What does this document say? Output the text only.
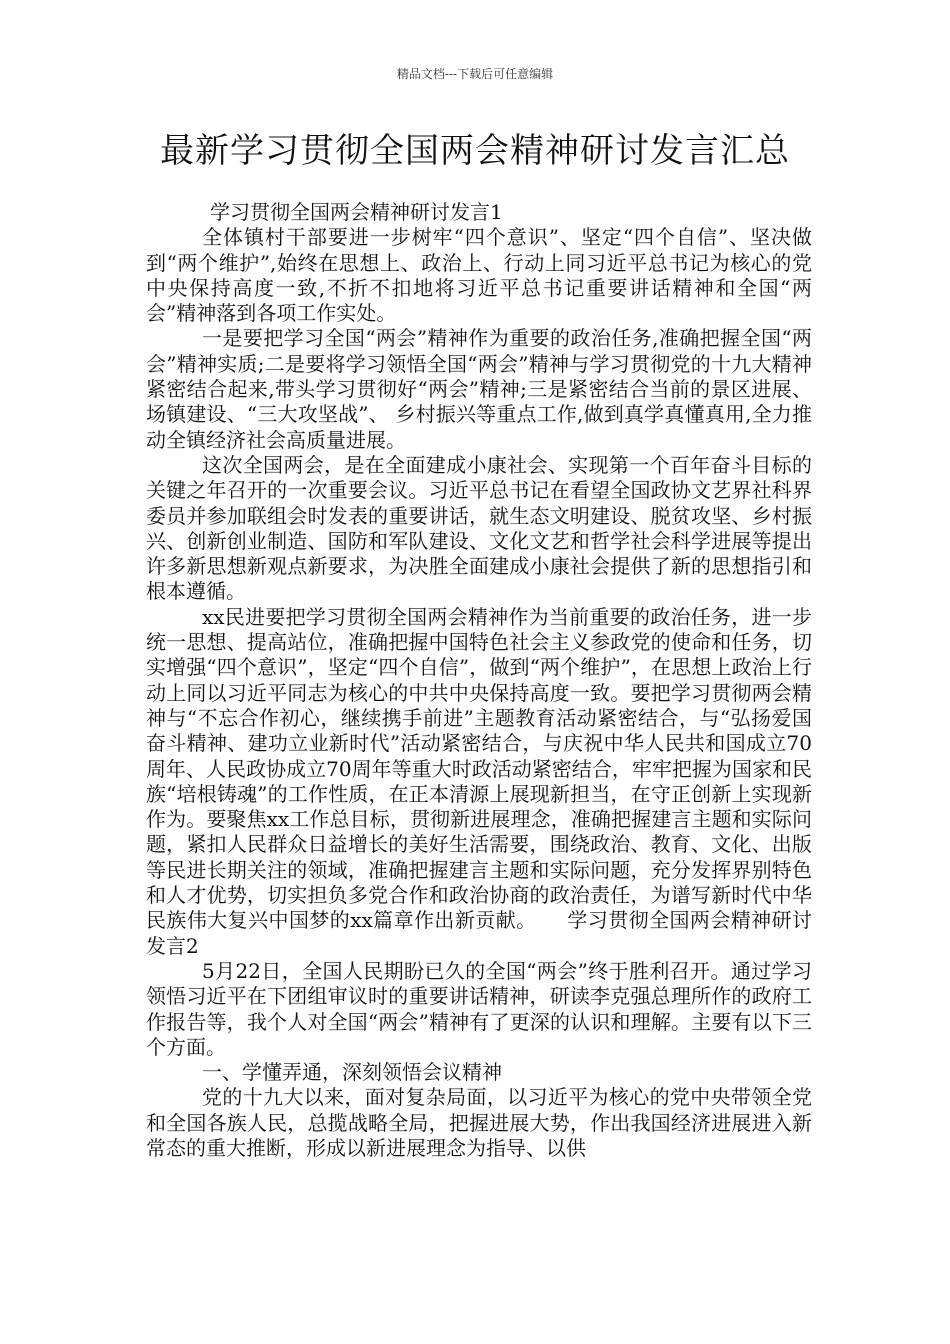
精品文档---下载后可任意编辑
最新学习贯彻全国两会精神研讨发言汇总

学习贯彻全国两会精神研讨发言1

全体镇村干部要进一步树牢“四个意识”、坚定“四个自信”、坚决做到“两个维护”,始终在思想上、政治上、行动上同习近平总书记为核心的党中央保持高度一致,不折不扣地将习近平总书记重要讲话精神和全国“两会”精神落到各项工作实处。

一是要把学习全国“两会”精神作为重要的政治任务,准确把握全国“两会”精神实质;二是要将学习领悟全国“两会”精神与学习贯彻党的十九大精神紧密结合起来,带头学习贯彻好“两会”精神;三是紧密结合当前的景区进展、场镇建设、“三大攻坚战”、 乡村振兴等重点工作,做到真学真懂真用,全力推动全镇经济社会高质量进展。

这次全国两会，是在全面建成小康社会、实现第一个百年奋斗目标的关键之年召开的一次重要会议。习近平总书记在看望全国政协文艺界社科界委员并参加联组会时发表的重要讲话，就生态文明建设、脱贫攻坚、乡村振兴、创新创业制造、国防和军队建设、文化文艺和哲学社会科学进展等提出许多新思想新观点新要求，为决胜全面建成小康社会提供了新的思想指引和根本遵循。

xx民进要把学习贯彻全国两会精神作为当前重要的政治任务，进一步统一思想、提高站位，准确把握中国特色社会主义参政党的使命和任务，切实增强“四个意识”，坚定“四个自信”，做到“两个维护”，在思想上政治上行动上同以习近平同志为核心的中共中央保持高度一致。要把学习贯彻两会精神与“不忘合作初心，继续携手前进”主题教育活动紧密结合，与“弘扬爱国奋斗精神、建功立业新时代”活动紧密结合，与庆祝中华人民共和国成立70周年、人民政协成立70周年等重大时政活动紧密结合，牢牢把握为国家和民族“培根铸魂”的工作性质，在正本清源上展现新担当，在守正创新上实现新作为。要聚焦xx工作总目标，贯彻新进展理念，准确把握建言主题和实际问题，紧扣人民群众日益增长的美好生活需要，围绕政治、教育、文化、出版等民进长期关注的领域，准确把握建言主题和实际问题，充分发挥界别特色和人才优势，切实担负多党合作和政治协商的政治责任，为谱写新时代中华民族伟大复兴中国梦的xx篇章作出新贡献。　　学习贯彻全国两会精神研讨发言2

5月22日，全国人民期盼已久的全国“两会”终于胜利召开。通过学习领悟习近平在下团组审议时的重要讲话精神，研读李克强总理所作的政府工作报告等，我个人对全国“两会”精神有了更深的认识和理解。主要有以下三个方面。

一、学懂弄通，深刻领悟会议精神

党的十九大以来，面对复杂局面，以习近平为核心的党中央带领全党和全国各族人民，总揽战略全局，把握进展大势，作出我国经济进展进入新常态的重大推断，形成以新进展理念为指导、以供
